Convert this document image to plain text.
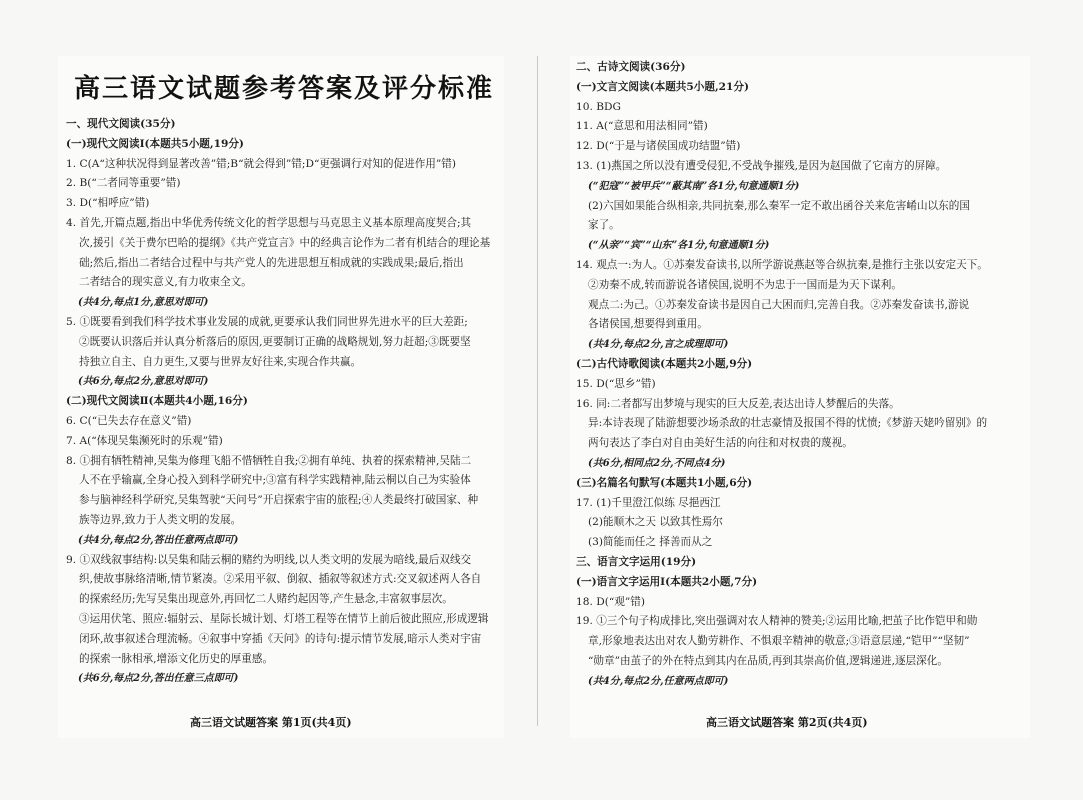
高三语文试题参考答案及评分标准
一、现代文阅读(35分)
(一)现代文阅读Ⅰ(本题共5小题,19分)
1. C(A“这种状况得到显著改善”错;B“就会得到”错;D“更强调行对知的促进作用”错)
2. B(“二者同等重要”错)
3. D(“相呼应”错)
4. 首先,开篇点题,指出中华优秀传统文化的哲学思想与马克思主义基本原理高度契合;其
次,援引《关于费尔巴哈的提纲》《共产党宣言》中的经典言论作为二者有机结合的理论基
础;然后,指出二者结合过程中与共产党人的先进思想互相成就的实践成果;最后,指出
二者结合的现实意义,有力收束全文。
(共4分,每点1分,意思对即可)
5. ①既要看到我们科学技术事业发展的成就,更要承认我们同世界先进水平的巨大差距;
②既要认识落后并认真分析落后的原因,更要制订正确的战略规划,努力赶超;③既要坚
持独立自主、自力更生,又要与世界友好往来,实现合作共赢。
(共6分,每点2分,意思对即可)
(二)现代文阅读Ⅱ(本题共4小题,16分)
6. C(“已失去存在意义”错)
7. A(“体现吴集濒死时的乐观”错)
8. ①拥有牺牲精神,吴集为修理飞船不惜牺牲自我;②拥有单纯、执着的探索精神,吴陆二
人不在乎输赢,全身心投入到科学研究中;③富有科学实践精神,陆云桐以自己为实验体
参与脑神经科学研究,吴集驾驶“天问号”开启探索宇宙的旅程;④人类最终打破国家、种
族等边界,致力于人类文明的发展。
(共4分,每点2分,答出任意两点即可)
9. ①双线叙事结构:以吴集和陆云桐的赌约为明线,以人类文明的发展为暗线,最后双线交
织,使故事脉络清晰,情节紧凑。②采用平叙、倒叙、插叙等叙述方式:交叉叙述两人各自
的探索经历;先写吴集出现意外,再回忆二人赌约起因等,产生悬念,丰富叙事层次。
③运用伏笔、照应:辐射云、星际长城计划、灯塔工程等在情节上前后彼此照应,形成逻辑
闭环,故事叙述合理流畅。④叙事中穿插《天问》的诗句:提示情节发展,暗示人类对宇宙
的探索一脉相承,增添文化历史的厚重感。
(共6分,每点2分,答出任意三点即可)
二、古诗文阅读(36分)
(一)文言文阅读(本题共5小题,21分)
10. BDG
11. A(“意思和用法相同”错)
12. D(“于是与诸侯国成功结盟”错)
13. (1)燕国之所以没有遭受侵犯,不受战争摧残,是因为赵国做了它南方的屏障。
(“犯寇”“被甲兵”“蔽其南”各1分,句意通顺1分)
(2)六国如果能合纵相亲,共同抗秦,那么秦军一定不敢出函谷关来危害崤山以东的国
家了。
(“从亲”“宾”“山东”各1分,句意通顺1分)
14. 观点一:为人。①苏秦发奋读书,以所学游说燕赵等合纵抗秦,是推行主张以安定天下。
②劝秦不成,转而游说各诸侯国,说明不为忠于一国而是为天下谋利。
观点二:为己。①苏秦发奋读书是因自己大困而归,完善自我。②苏秦发奋读书,游说
各诸侯国,想要得到重用。
(共4分,每点2分,言之成理即可)
(二)古代诗歌阅读(本题共2小题,9分)
15. D(“思乡”错)
16. 同:二者都写出梦境与现实的巨大反差,表达出诗人梦醒后的失落。
异:本诗表现了陆游想要沙场杀敌的壮志豪情及报国不得的忧愤;《梦游天姥吟留别》的
两句表达了李白对自由美好生活的向往和对权贵的蔑视。
(共6分,相同点2分,不同点4分)
(三)名篇名句默写(本题共1小题,6分)
17. (1)千里澄江似练 尽挹西江
(2)能顺木之天 以致其性焉尔
(3)简能而任之 择善而从之
三、语言文字运用(19分)
(一)语言文字运用Ⅰ(本题共2小题,7分)
18. D(“观”错)
19. ①三个句子构成排比,突出强调对农人精神的赞美;②运用比喻,把茧子比作铠甲和勋
章,形象地表达出对农人勤劳耕作、不惧艰辛精神的敬意;③语意层递,“铠甲”“坚韧”
“勋章”由茧子的外在特点到其内在品质,再到其崇高价值,逻辑递进,逐层深化。
(共4分,每点2分,任意两点即可)
高三语文试题答案 第1页(共4页)	高三语文试题答案 第2页(共4页)
